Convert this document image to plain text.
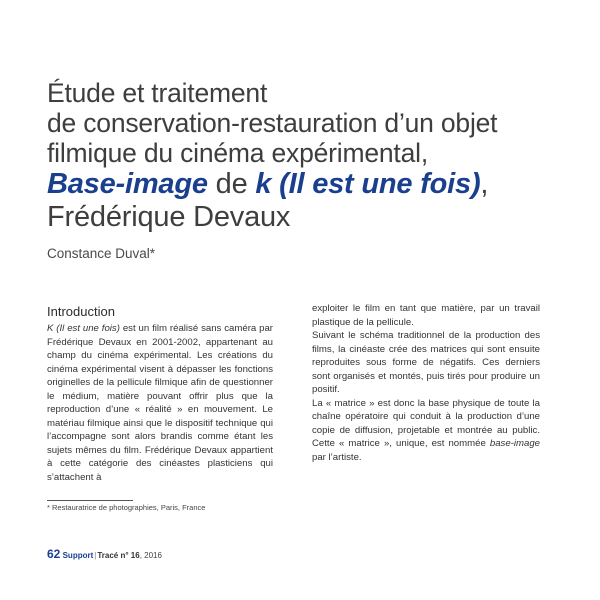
Étude et traitement
de conservation-restauration d’un objet
filmique du cinéma expérimental,
Base-image de k (Il est une fois),
Frédérique Devaux
Constance Duval*
Introduction

K (Il est une fois) est un film réalisé sans caméra par Frédérique Devaux en 2001-2002, appartenant au champ du cinéma expérimental. Les créations du cinéma expérimental visent à dépasser les fonctions originelles de la pellicule filmique afin de questionner le médium, matière pouvant offrir plus que la reproduction d’une « réalité » en mouvement. Le matériau filmique ainsi que le dispositif technique qui l’accompagne sont alors brandis comme étant les sujets mêmes du film. Frédérique Devaux appartient à cette catégorie des cinéastes plasticiens qui s’attachent à

exploiter le film en tant que matière, par un travail plastique de la pellicule.

Suivant le schéma traditionnel de la production des films, la cinéaste crée des matrices qui sont ensuite reproduites sous forme de négatifs. Ces derniers sont organisés et montés, puis tirés pour produire un positif.

La « matrice » est donc la base physique de toute la chaîne opératoire qui conduit à la production d’une copie de diffusion, projetable et montrée au public. Cette « matrice », unique, est nommée base-image par l’artiste.

* Restauratrice de photographies, Paris, France
62 Support|Tracé n° 16, 2016
